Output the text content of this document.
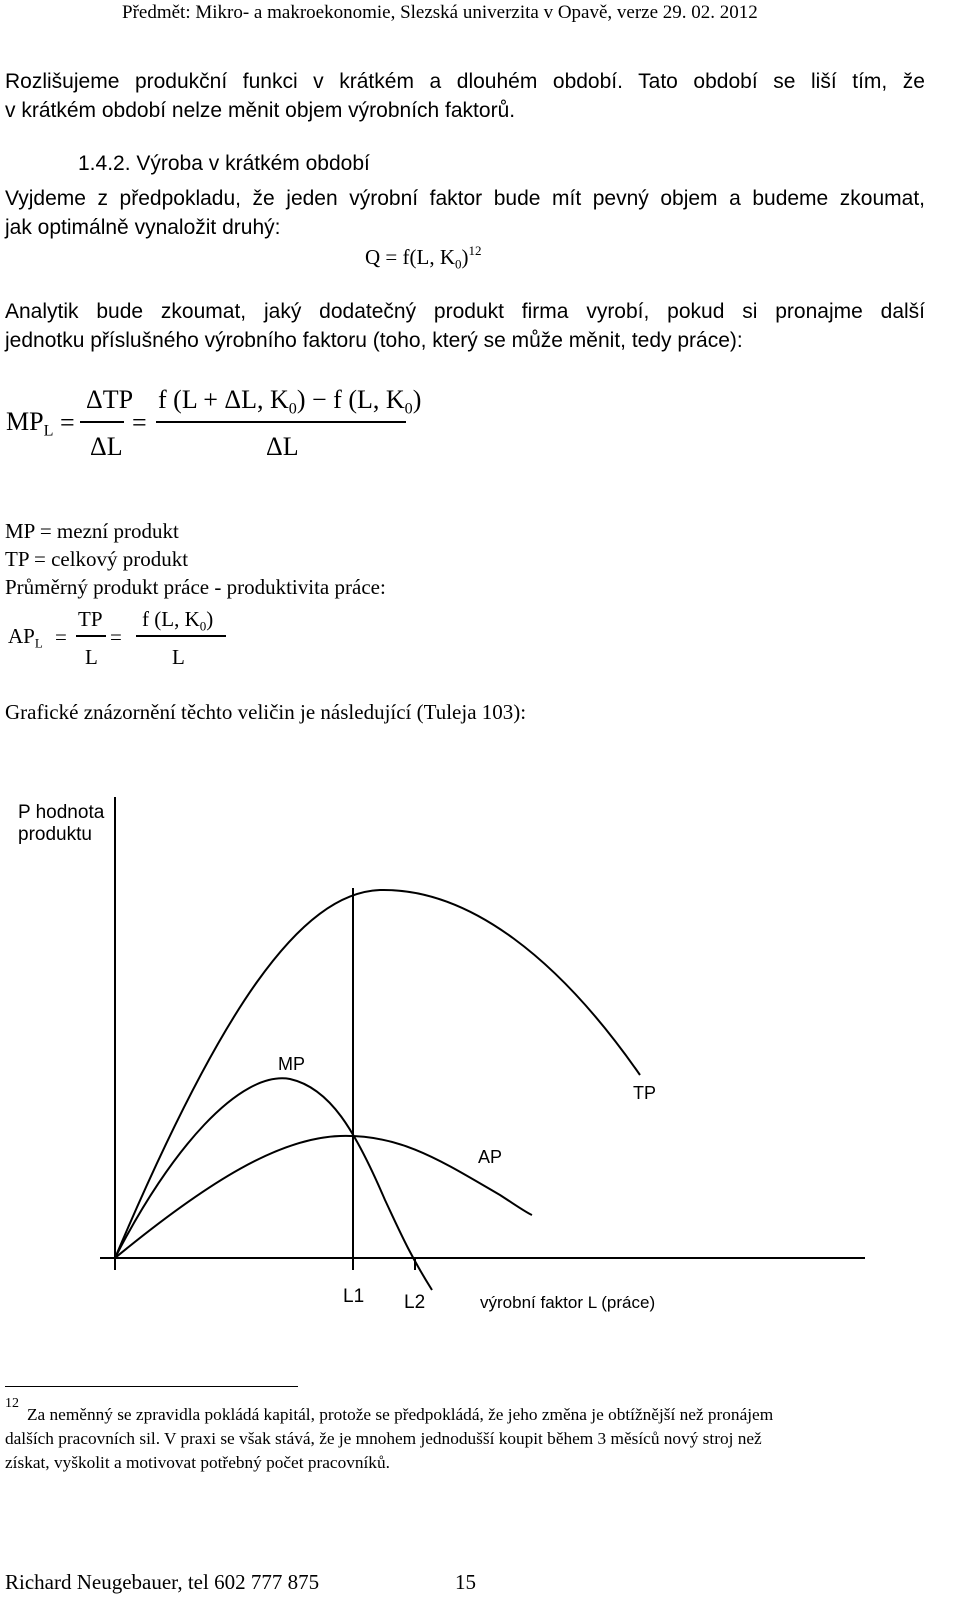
Předmět: Mikro- a makroekonomie, Slezská univerzita v Opavě, verze 29. 02. 2012
Rozlišujeme produkční funkci v krátkém a dlouhém období. Tato období se liší tím, že
v krátkém období nelze měnit objem výrobních faktorů.
1.4.2. Výroba v krátkém období
Vyjdeme z předpokladu, že jeden výrobní faktor bude mít pevný objem a budeme zkoumat,
jak optimálně vynaložit druhý:
Q = f(L, $K_0)^{12}$
Analytik bude zkoumat, jaký dodatečný produkt firma vyrobí, pokud si pronajme další
jednotku příslušného výrobního faktoru (toho, který se může měnit, tedy práce):
$MP_L$ =
ΔTP
ΔL
=
f (L + ΔL, $K_0) - f$ (L, $K_0$)
ΔL
MP = mezní produkt
TP = celkový produkt
Průměrný produkt práce - produktivita práce:
$AP_L$ =
TP
L
=
f (L, $K_0$)
L
Grafické znázornění těchto veličin je následující (Tuleja 103):
P hodnota
produktu
MP
TP
AP
L1 L2	výrobní faktor L (práce)
12
Za neměnný se zpravidla pokládá kapitál, protože se předpokládá, že jeho změna je obtížnější než pronájem
dalších pracovních sil. V praxi se však stává, že je mnohem jednodušší koupit během 3 měsíců nový stroj než
získat, vyškolit a motivovat potřebný počet pracovníků.
Richard Neugebauer, tel 602 777 875	15
